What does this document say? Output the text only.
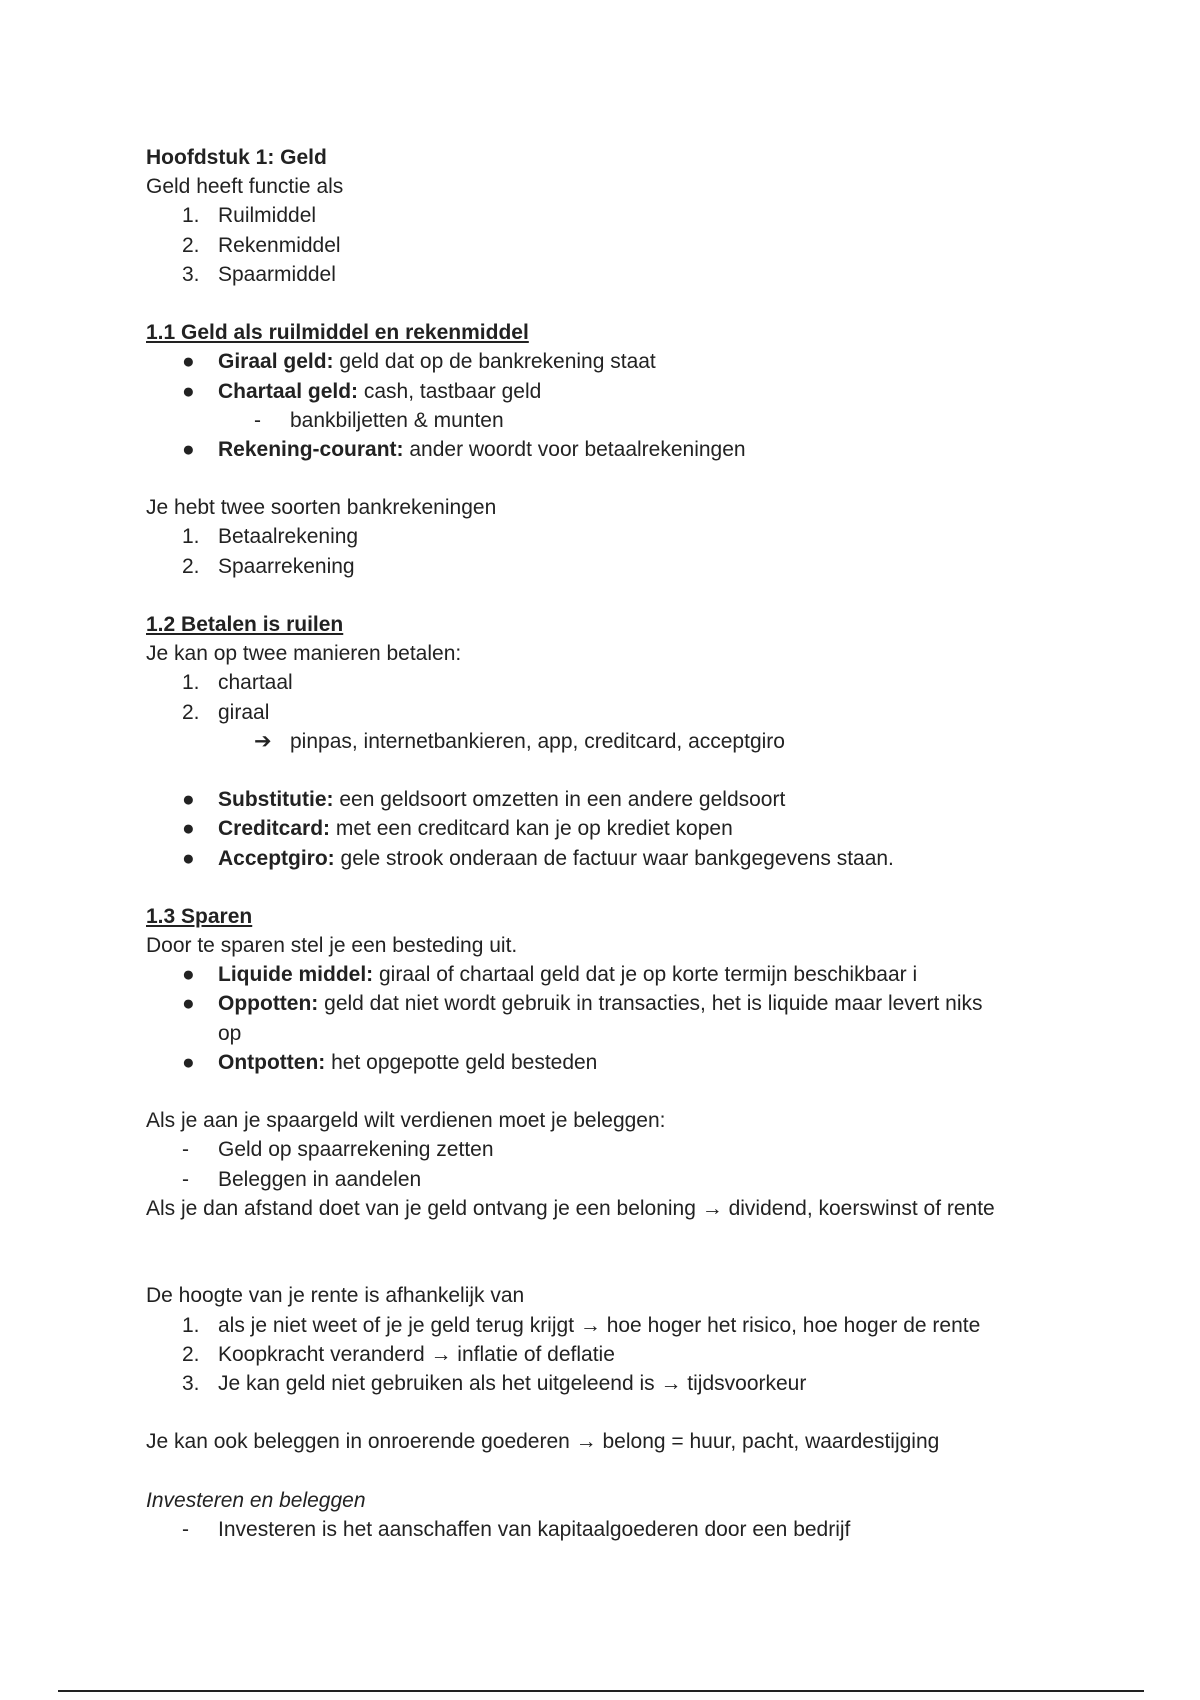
Hoofdstuk 1: Geld
Geld heeft functie als
1. Ruilmiddel
2. Rekenmiddel
3. Spaarmiddel
1.1 Geld als ruilmiddel en rekenmiddel
● Giraal geld: geld dat op de bankrekening staat
● Chartaal geld: cash, tastbaar geld
- bankbiljetten & munten
● Rekening-courant: ander woordt voor betaalrekeningen
Je hebt twee soorten bankrekeningen
1. Betaalrekening
2. Spaarrekening
1.2 Betalen is ruilen
Je kan op twee manieren betalen:
1. chartaal
2. giraal
➔ pinpas, internetbankieren, app, creditcard, acceptgiro
● Substitutie: een geldsoort omzetten in een andere geldsoort
● Creditcard: met een creditcard kan je op krediet kopen
● Acceptgiro: gele strook onderaan de factuur waar bankgegevens staan.
1.3 Sparen
Door te sparen stel je een besteding uit.
● Liquide middel: giraal of chartaal geld dat je op korte termijn beschikbaar i
● Oppotten: geld dat niet wordt gebruik in transacties, het is liquide maar levert niks
op
● Ontpotten: het opgepotte geld besteden
Als je aan je spaargeld wilt verdienen moet je beleggen:
- Geld op spaarrekening zetten
- Beleggen in aandelen
Als je dan afstand doet van je geld ontvang je een beloning → dividend, koerswinst of rente
De hoogte van je rente is afhankelijk van
1. als je niet weet of je je geld terug krijgt → hoe hoger het risico, hoe hoger de rente
2. Koopkracht veranderd → inflatie of deflatie
3. Je kan geld niet gebruiken als het uitgeleend is → tijdsvoorkeur
Je kan ook beleggen in onroerende goederen → belong = huur, pacht, waardestijging
Investeren en beleggen
- Investeren is het aanschaffen van kapitaalgoederen door een bedrijf
